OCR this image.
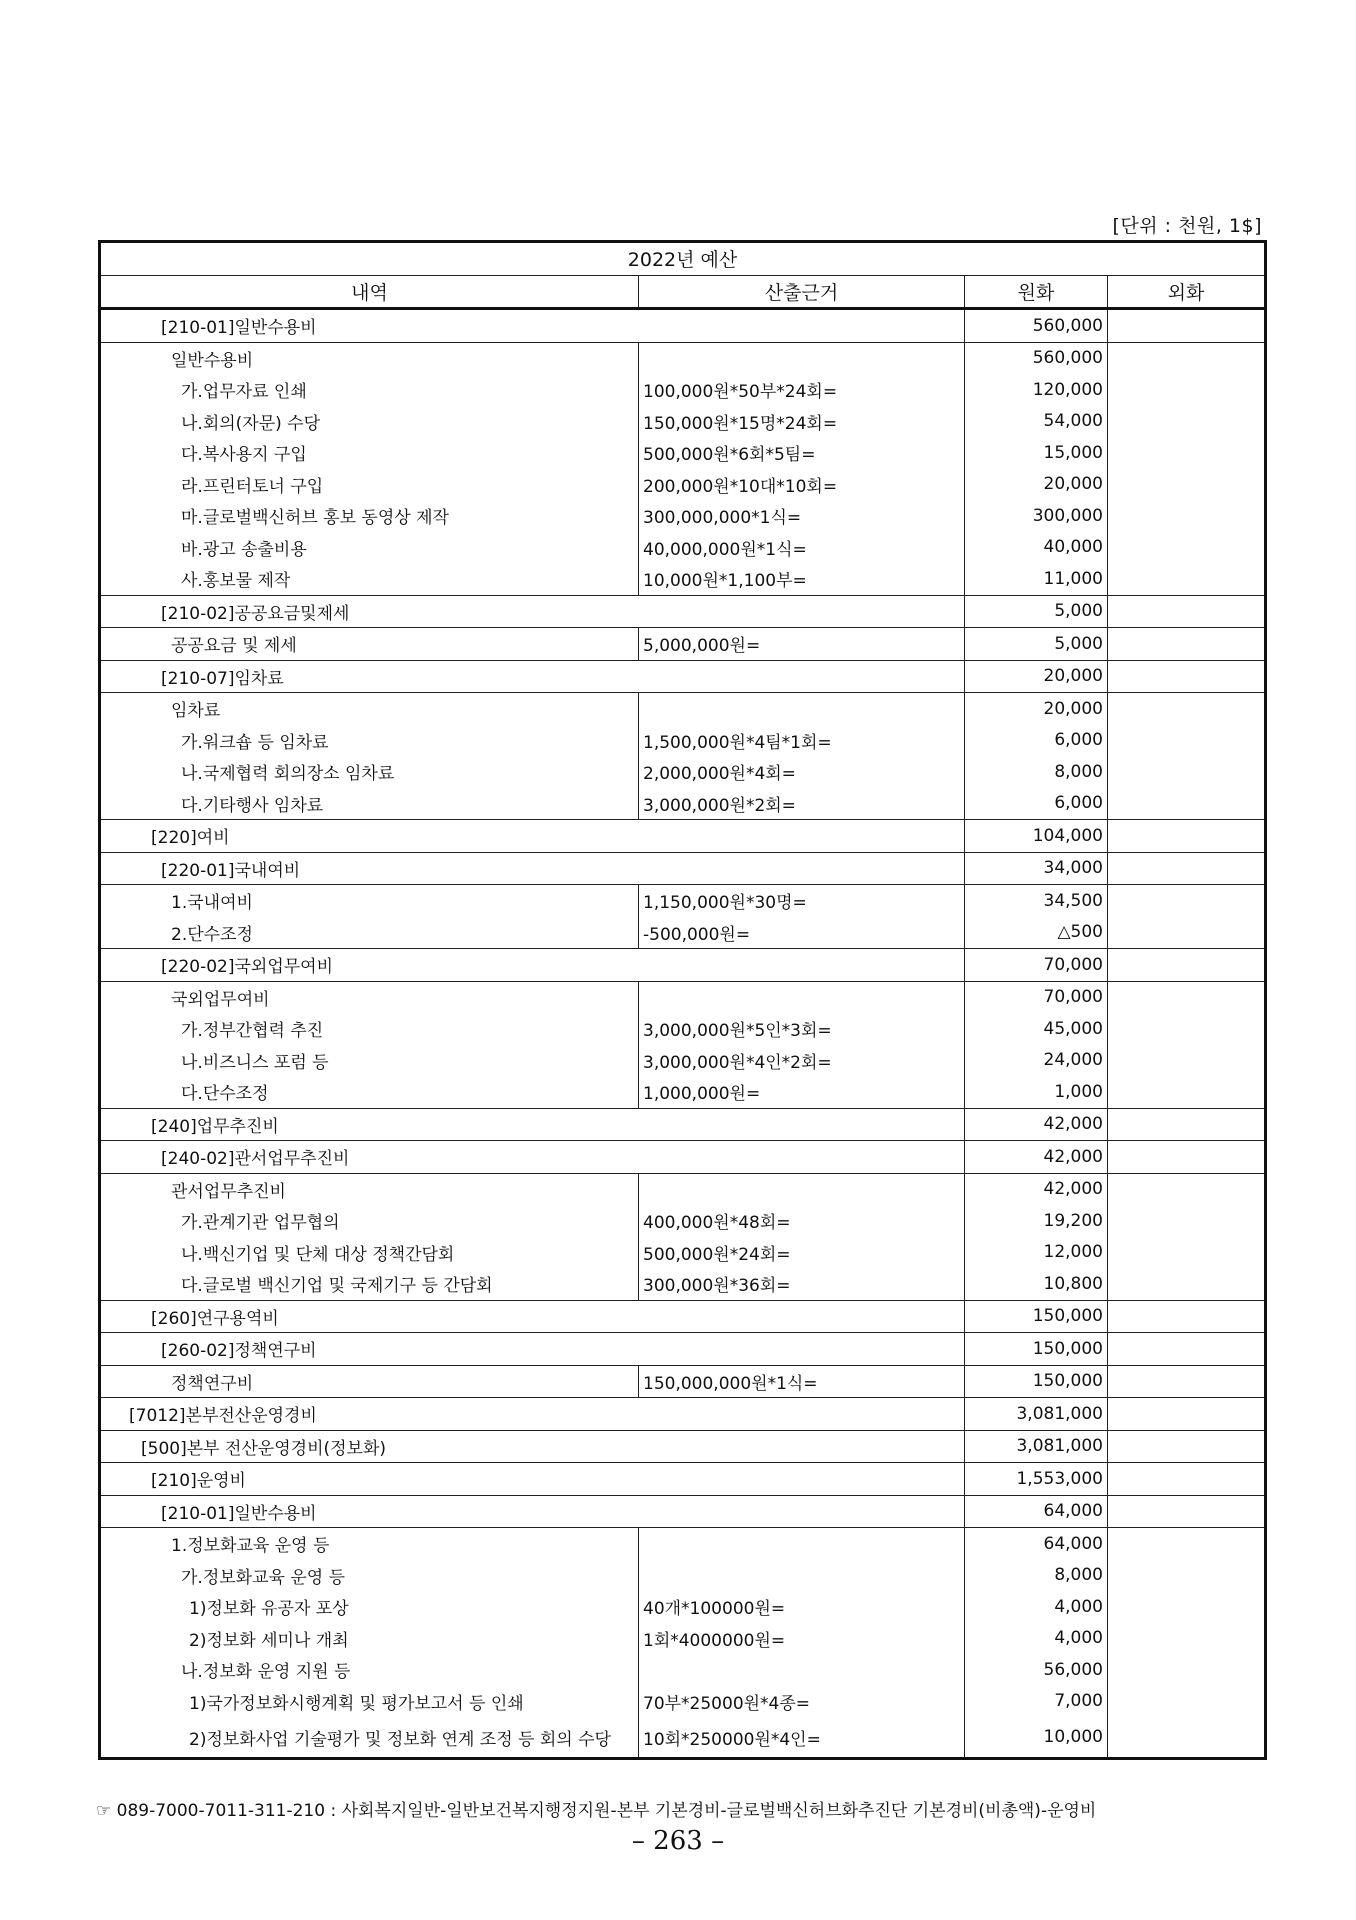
[단위 : 천원, 1$]
2022년 예산			
내역	산출근거	원화	외화
[210-01]일반수용비		560,000	
일반수용비		560,000	
가.업무자료 인쇄	100,000원*50부*24회=	120,000	
나.회의(자문) 수당	150,000원*15명*24회=	54,000	
다.복사용지 구입	500,000원*6회*5팀=	15,000	
라.프린터토너 구입	200,000원*10대*10회=	20,000	
마.글로벌백신허브 홍보 동영상 제작	300,000,000*1식=	300,000	
바.광고 송출비용	40,000,000원*1식=	40,000	
사.홍보물 제작	10,000원*1,100부=	11,000	
[210-02]공공요금및제세		5,000	
공공요금 및 제세	5,000,000원=	5,000	
[210-07]임차료		20,000	
임차료		20,000	
가.워크숍 등 임차료	1,500,000원*4팀*1회=	6,000	
나.국제협력 회의장소 임차료	2,000,000원*4회=	8,000	
다.기타행사 임차료	3,000,000원*2회=	6,000	
[220]여비		104,000	
[220-01]국내여비		34,000	
1.국내여비	1,150,000원*30명=	34,500	
2.단수조정	-500,000원=	△500	
[220-02]국외업무여비		70,000	
국외업무여비		70,000	
가.정부간협력 추진	3,000,000원*5인*3회=	45,000	
나.비즈니스 포럼 등	3,000,000원*4인*2회=	24,000	
다.단수조정	1,000,000원=	1,000	
[240]업무추진비		42,000	
[240-02]관서업무추진비		42,000	
관서업무추진비		42,000	
가.관계기관 업무협의	400,000원*48회=	19,200	
나.백신기업 및 단체 대상 정책간담회	500,000원*24회=	12,000	
다.글로벌 백신기업 및 국제기구 등 간담회	300,000원*36회=	10,800	
[260]연구용역비		150,000	
[260-02]정책연구비		150,000	
정책연구비	150,000,000원*1식=	150,000	
[7012]본부전산운영경비		3,081,000	
[500]본부 전산운영경비(정보화)		3,081,000	
[210]운영비		1,553,000	
[210-01]일반수용비		64,000	
1.정보화교육 운영 등		64,000	
가.정보화교육 운영 등		8,000	
1)정보화 유공자 포상	40개*100000원=	4,000	
2)정보화 세미나 개최	1회*4000000원=	4,000	
나.정보화 운영 지원 등		56,000	
1)국가정보화시행계획 및 평가보고서 등 인쇄	70부*25000원*4종=	7,000	
2)정보화사업 기술평가 및 정보화 연계 조정 등 회의 수당	10회*250000원*4인=	10,000	
☞ 089-7000-7011-311-210 : 사회복지일반-일반보건복지행정지원-본부 기본경비-글로벌백신허브화추진단 기본경비(비총액)-운영비
– 263 –
